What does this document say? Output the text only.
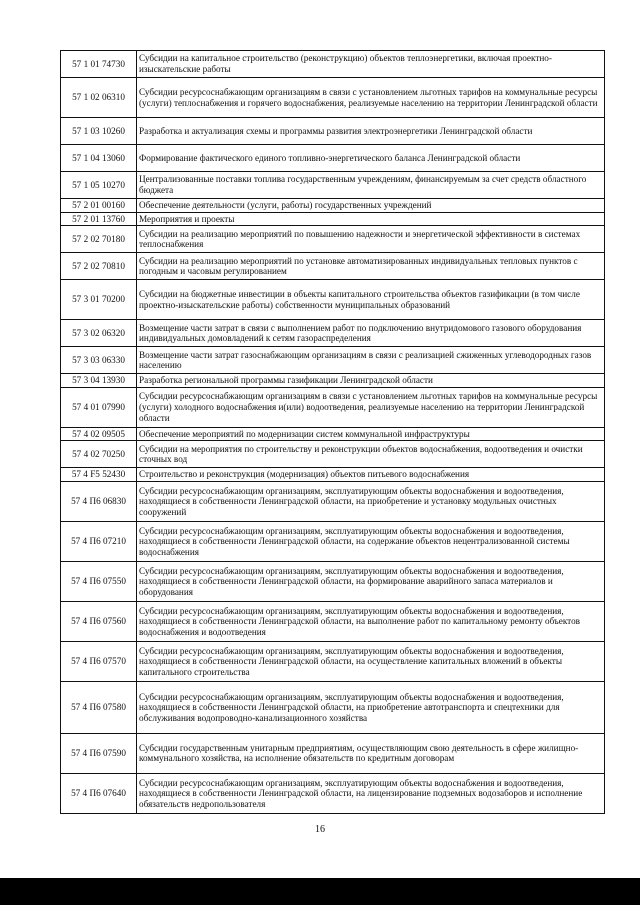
57 1 01 74730	Субсидии на капитальное строительство (реконструкцию) объектов теплоэнергетики, включая проектно-изыскательские работы
57 1 02 06310	Субсидии ресурсоснабжающим организациям в связи с установлением льготных тарифов на коммунальные ресурсы (услуги) теплоснабжения и горячего водоснабжения, реализуемые населению на территории Ленинградской области
57 1 03 10260	Разработка и актуализация схемы и программы развития электроэнергетики Ленинградской области
57 1 04 13060	Формирование фактического единого топливно-энергетического баланса Ленинградской области
57 1 05 10270	Централизованные поставки топлива государственным учреждениям, финансируемым за счет средств областного бюджета
57 2 01 00160	Обеспечение деятельности (услуги, работы) государственных учреждений
57 2 01 13760	Мероприятия и проекты
57 2 02 70180	Субсидии на реализацию мероприятий по повышению надежности и энергетической эффективности в системах теплоснабжения
57 2 02 70810	Субсидии на реализацию мероприятий по установке автоматизированных индивидуальных тепловых пунктов с погодным и часовым регулированием
57 3 01 70200	Субсидии на бюджетные инвестиции в объекты капитального строительства объектов газификации (в том числе проектно-изыскательские работы) собственности муниципальных образований
57 3 02 06320	Возмещение части затрат в связи с выполнением работ по подключению внутридомового газового оборудования индивидуальных домовладений к сетям газораспределения
57 3 03 06330	Возмещение части затрат газоснабжающим организациям в связи с реализацией сжиженных углеводородных газов населению
57 3 04 13930	Разработка региональной программы газификации Ленинградской области
57 4 01 07990	Субсидии ресурсоснабжающим организациям в связи с установлением льготных тарифов на коммунальные ресурсы (услуги) холодного водоснабжения и(или) водоотведения, реализуемые населению на территории Ленинградской области
57 4 02 09505	Обеспечение мероприятий по модернизации систем коммунальной инфраструктуры
57 4 02 70250	Субсидии на мероприятия по строительству и реконструкции объектов водоснабжения, водоотведения и очистки сточных вод
57 4 F5 52430	Строительство и реконструкция (модернизация) объектов питьевого водоснабжения
57 4 П6 06830	Субсидии ресурсоснабжающим организациям, эксплуатирующим объекты водоснабжения и водоотведения, находящиеся в собственности Ленинградской области, на приобретение и установку модульных очистных сооружений
57 4 П6 07210	Субсидии ресурсоснабжающим организациям, эксплуатирующим объекты водоснабжения и водоотведения, находящиеся в собственности Ленинградской области, на содержание объектов нецентрализованной системы водоснабжения
57 4 П6 07550	Субсидии ресурсоснабжающим организациям, эксплуатирующим объекты водоснабжения и водоотведения, находящиеся в собственности Ленинградской области, на формирование аварийного запаса материалов и оборудования
57 4 П6 07560	Субсидии ресурсоснабжающим организациям, эксплуатирующим объекты водоснабжения и водоотведения, находящиеся в собственности Ленинградской области, на выполнение работ по капитальному ремонту объектов водоснабжения и водоотведения
57 4 П6 07570	Субсидии ресурсоснабжающим организациям, эксплуатирующим объекты водоснабжения и водоотведения, находящиеся в собственности Ленинградской области, на осуществление капитальных вложений в объекты капитального строительства
57 4 П6 07580	Субсидии ресурсоснабжающим организациям, эксплуатирующим объекты водоснабжения и водоотведения, находящиеся в собственности Ленинградской области, на приобретение автотранспорта и спецтехники для обслуживания водопроводно-канализационного хозяйства
57 4 П6 07590	Субсидии государственным унитарным предприятиям, осуществляющим свою деятельность в сфере жилищно-коммунального хозяйства, на исполнение обязательств по кредитным договорам
57 4 П6 07640	Субсидии ресурсоснабжающим организациям, эксплуатирующим объекты водоснабжения и водоотведения, находящиеся в собственности Ленинградской области, на лицензирование подземных водозаборов и исполнение обязательств недропользователя
16
